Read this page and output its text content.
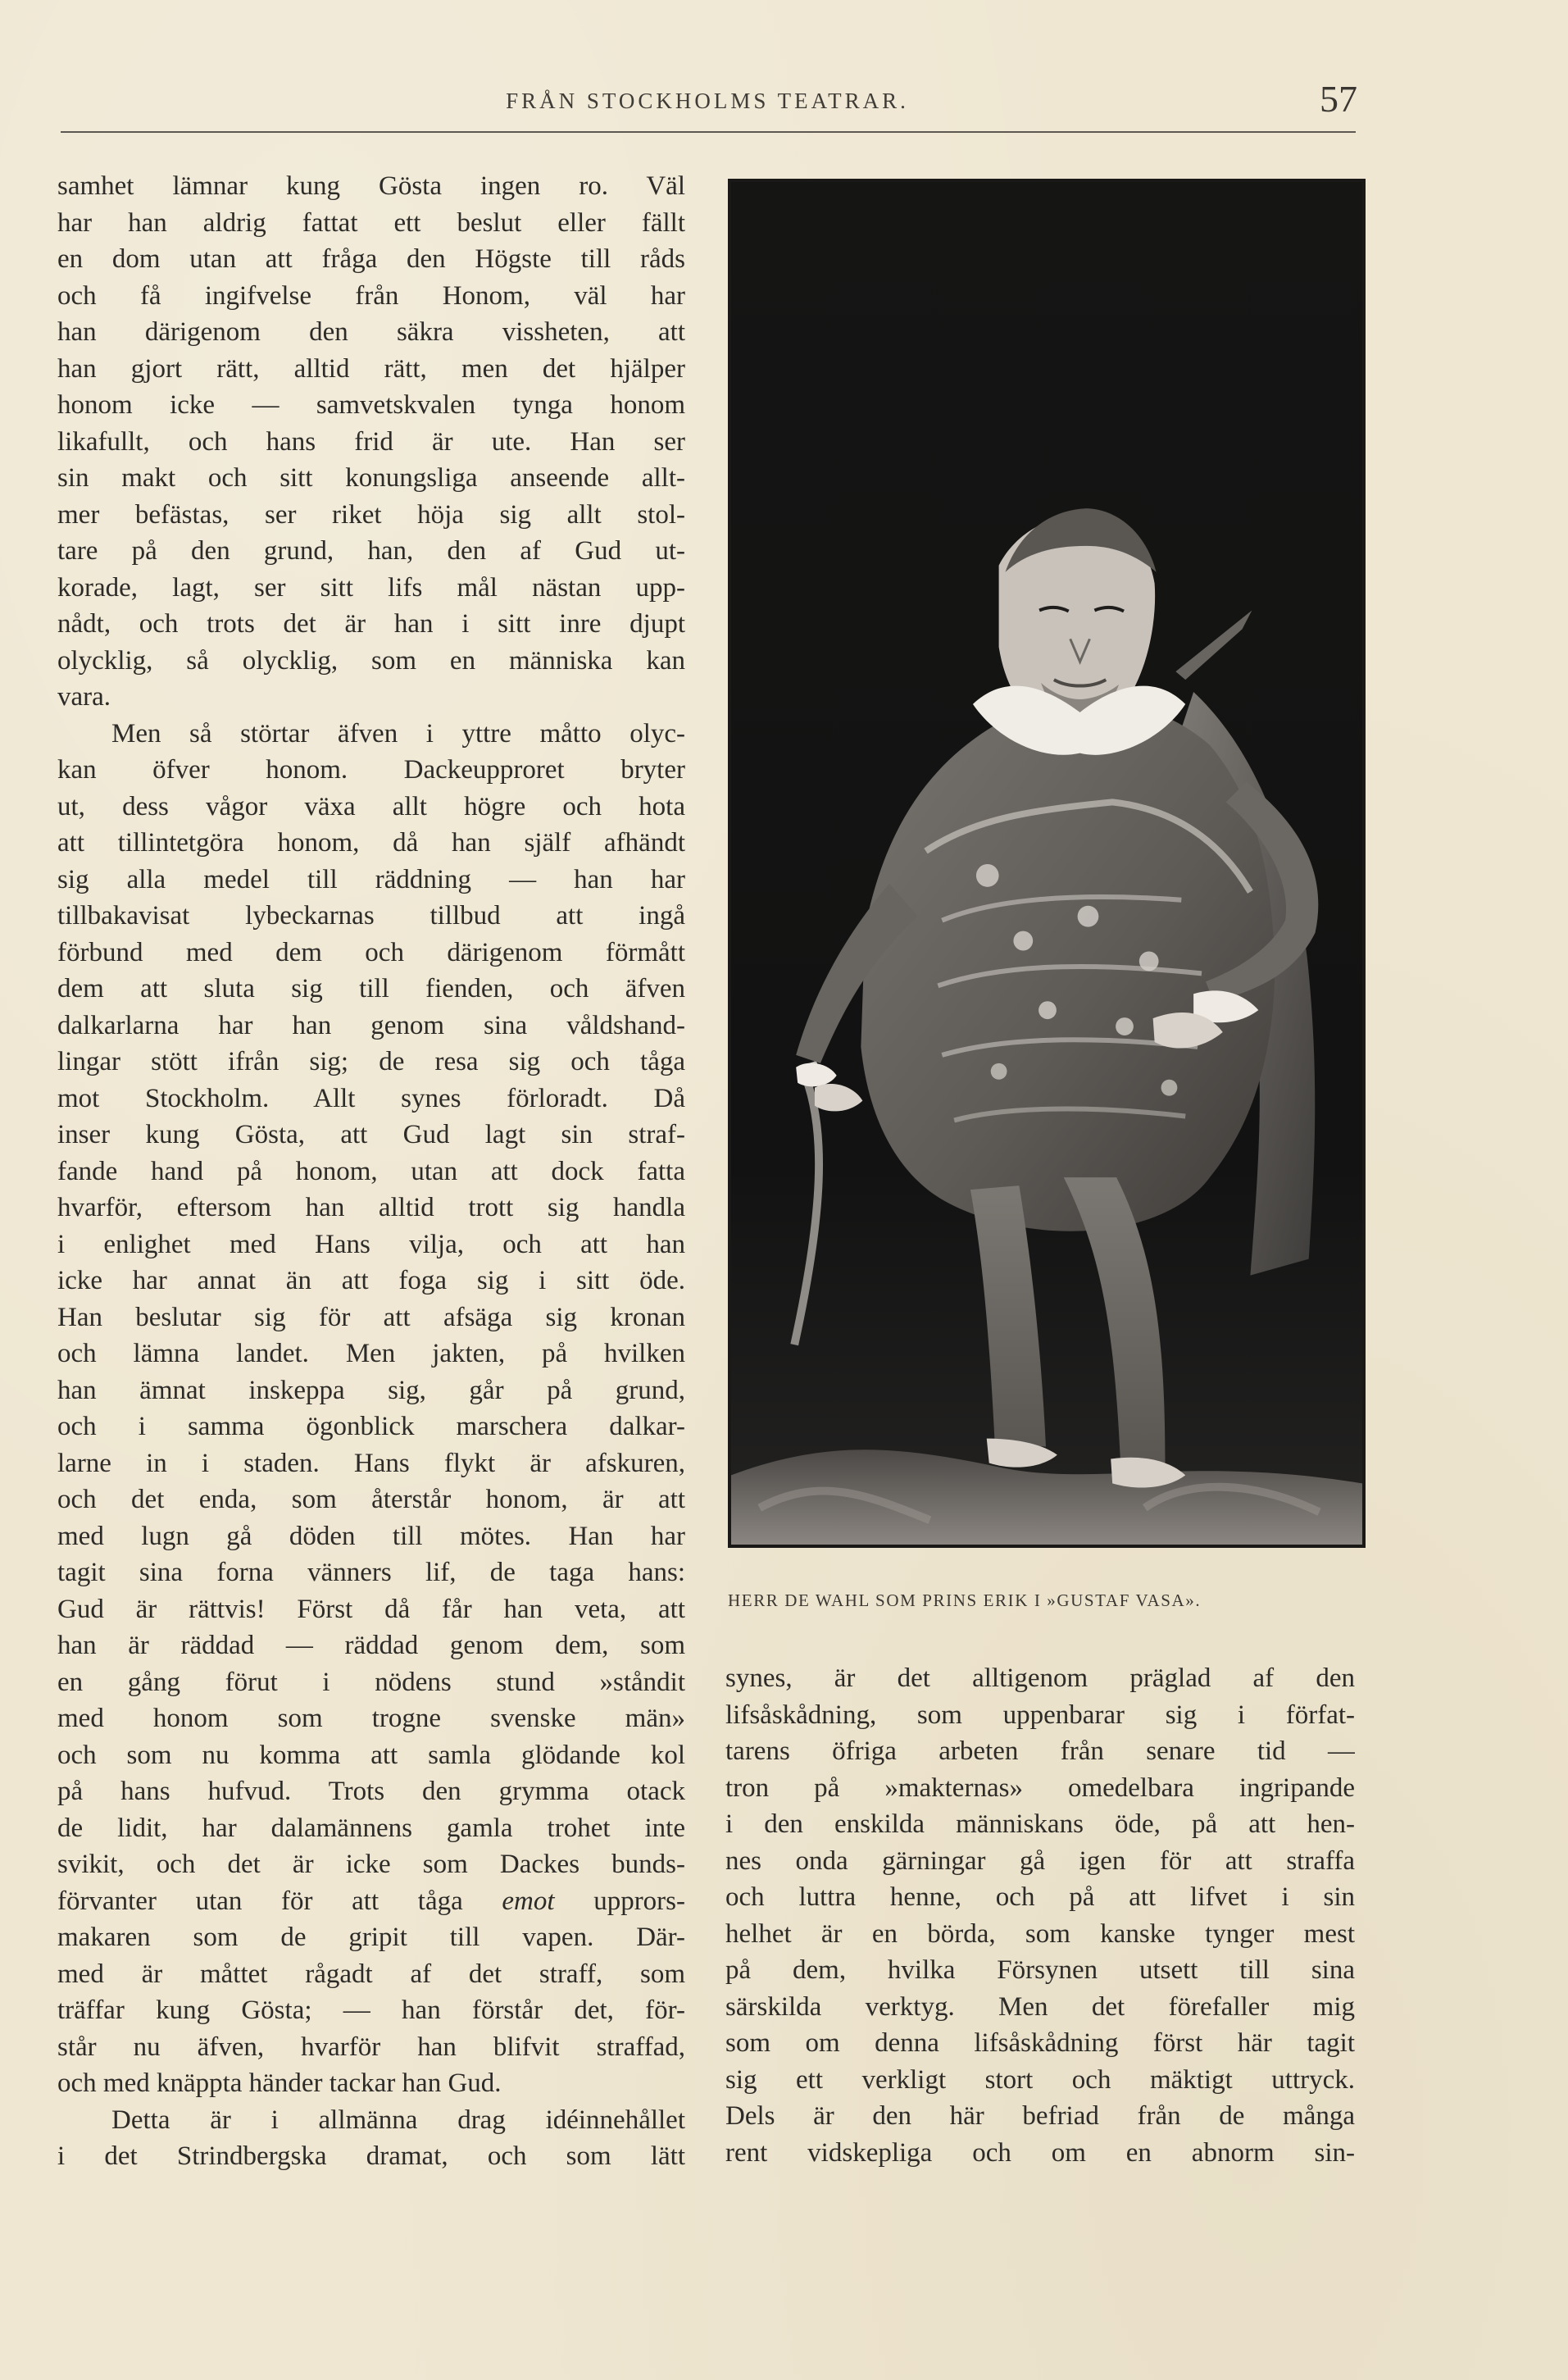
FRÅN STOCKHOLMS TEATRAR.	57
samhet lämnar kung Gösta ingen ro. Väl
har han aldrig fattat ett beslut eller fällt
en dom utan att fråga den Högste till råds
och få ingifvelse från Honom, väl har
han därigenom den säkra vissheten, att
han gjort rätt, alltid rätt, men det hjälper
honom icke — samvetskvalen tynga honom
likafullt, och hans frid är ute. Han ser
sin makt och sitt konungsliga anseende allt-
mer befästas, ser riket höja sig allt stol-
tare på den grund, han, den af Gud ut-
korade, lagt, ser sitt lifs mål nästan upp-
nådt, och trots det är han i sitt inre djupt
olycklig, så olycklig, som en människa kan
vara.
Men så störtar äfven i yttre måtto olyc-
kan öfver honom. Dackeupproret bryter
ut, dess vågor växa allt högre och hota
att tillintetgöra honom, då han själf afhändt
sig alla medel till räddning — han har
tillbakavisat lybeckarnas tillbud att ingå
förbund med dem och därigenom förmått
dem att sluta sig till fienden, och äfven
dalkarlarna har han genom sina våldshand-
lingar stött ifrån sig; de resa sig och tåga
mot Stockholm. Allt synes förloradt. Då
inser kung Gösta, att Gud lagt sin straf-
fande hand på honom, utan att dock fatta
hvarför, eftersom han alltid trott sig handla
i enlighet med Hans vilja, och att han
icke har annat än att foga sig i sitt öde.
Han beslutar sig för att afsäga sig kronan
och lämna landet. Men jakten, på hvilken
han ämnat inskeppa sig, går på grund,
och i samma ögonblick marschera dalkar-
larne in i staden. Hans flykt är afskuren,
och det enda, som återstår honom, är att
med lugn gå döden till mötes. Han har
tagit sina forna vänners lif, de taga hans:
Gud är rättvis! Först då får han veta, att
han är räddad — räddad genom dem, som
en gång förut i nödens stund »ståndit
med honom som trogne svenske män»
och som nu komma att samla glödande kol
på hans hufvud. Trots den grymma otack
de lidit, har dalamännens gamla trohet inte
svikit, och det är icke som Dackes bunds-
förvanter utan för att tåga emot upprors-
makaren som de gripit till vapen. Där-
med är måttet rågadt af det straff, som
träffar kung Gösta; — han förstår det, för-
står nu äfven, hvarför han blifvit straffad,
och med knäppta händer tackar han Gud.
Detta är i allmänna drag idéinnehållet
i det Strindbergska dramat, och som lätt
HERR DE WAHL SOM PRINS ERIK I »GUSTAF VASA».
synes, är det alltigenom präglad af den
lifsåskådning, som uppenbarar sig i förfat-
tarens öfriga arbeten från senare tid —
tron på »makternas» omedelbara ingripande
i den enskilda människans öde, på att hen-
nes onda gärningar gå igen för att straffa
och luttra henne, och på att lifvet i sin
helhet är en börda, som kanske tynger mest
på dem, hvilka Försynen utsett till sina
särskilda verktyg. Men det förefaller mig
som om denna lifsåskådning först här tagit
sig ett verkligt stort och mäktigt uttryck.
Dels är den här befriad från de många
rent vidskepliga och om en abnorm sin-
